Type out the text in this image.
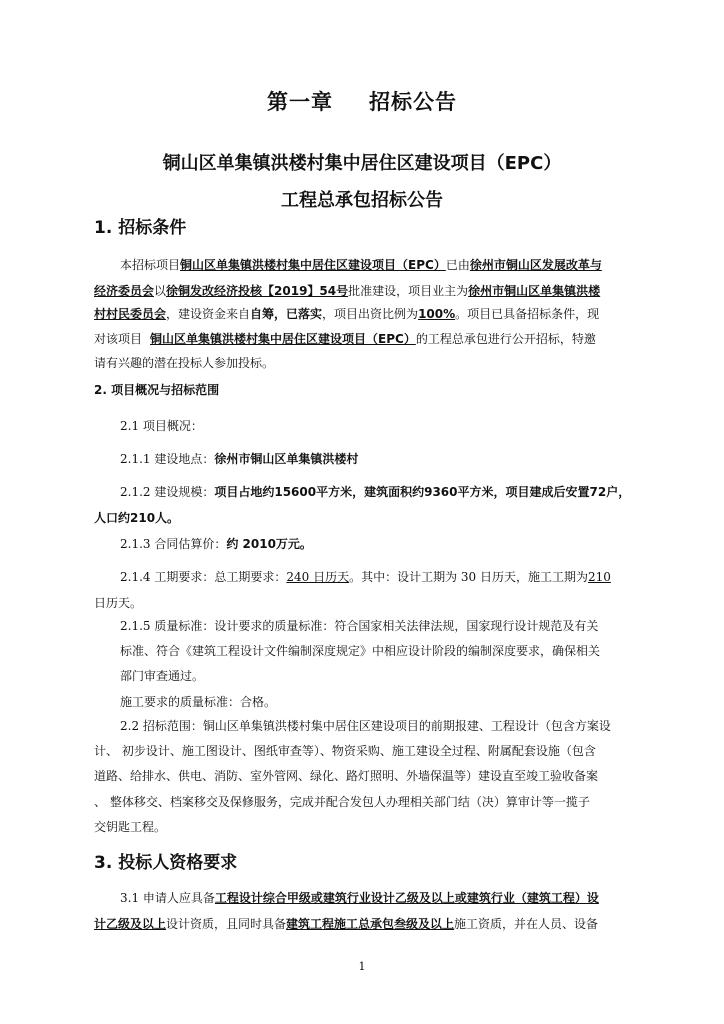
第一章 招标公告
铜山区单集镇洪楼村集中居住区建设项目（EPC）
工程总承包招标公告
1. 招标条件
本招标项目铜山区单集镇洪楼村集中居住区建设项目（EPC）已由徐州市铜山区发展改革与
经济委员会以徐铜发改经济投核【2019】54号批准建设，项目业主为徐州市铜山区单集镇洪楼
村村民委员会，建设资金来自自筹，已落实，项目出资比例为100%。项目已具备招标条件，现
对该项目 铜山区单集镇洪楼村集中居住区建设项目（EPC）的工程总承包进行公开招标，特邀
请有兴趣的潜在投标人参加投标。
2. 项目概况与招标范围
2.1 项目概况：
2.1.1 建设地点：徐州市铜山区单集镇洪楼村
2.1.2 建设规模：项目占地约15600平方米，建筑面积约9360平方米，项目建成后安置72户，
人口约210人。
2.1.3 合同估算价：约 2010万元。
2.1.4 工期要求：总工期要求：240 日历天。其中：设计工期为 30 日历天，施工工期为210
日历天。
2.1.5 质量标准：设计要求的质量标准：符合国家相关法律法规，国家现行设计规范及有关
标准、符合《建筑工程设计文件编制深度规定》中相应设计阶段的编制深度要求，确保相关
部门审查通过。
施工要求的质量标准：合格。
2.2 招标范围：铜山区单集镇洪楼村集中居住区建设项目的前期报建、工程设计（包含方案设
计、 初步设计、施工图设计、图纸审查等）、物资采购、施工建设全过程、附属配套设施（包含
道路、给排水、供电、消防、室外管网、绿化、路灯照明、外墙保温等）建设直至竣工验收备案
、 整体移交、档案移交及保修服务，完成并配合发包人办理相关部门结（决）算审计等一揽子
交钥匙工程。
3. 投标人资格要求
3.1 申请人应具备工程设计综合甲级或建筑行业设计乙级及以上或建筑行业（建筑工程）设
计乙级及以上设计资质，且同时具备建筑工程施工总承包叁级及以上施工资质，并在人员、设备
1
